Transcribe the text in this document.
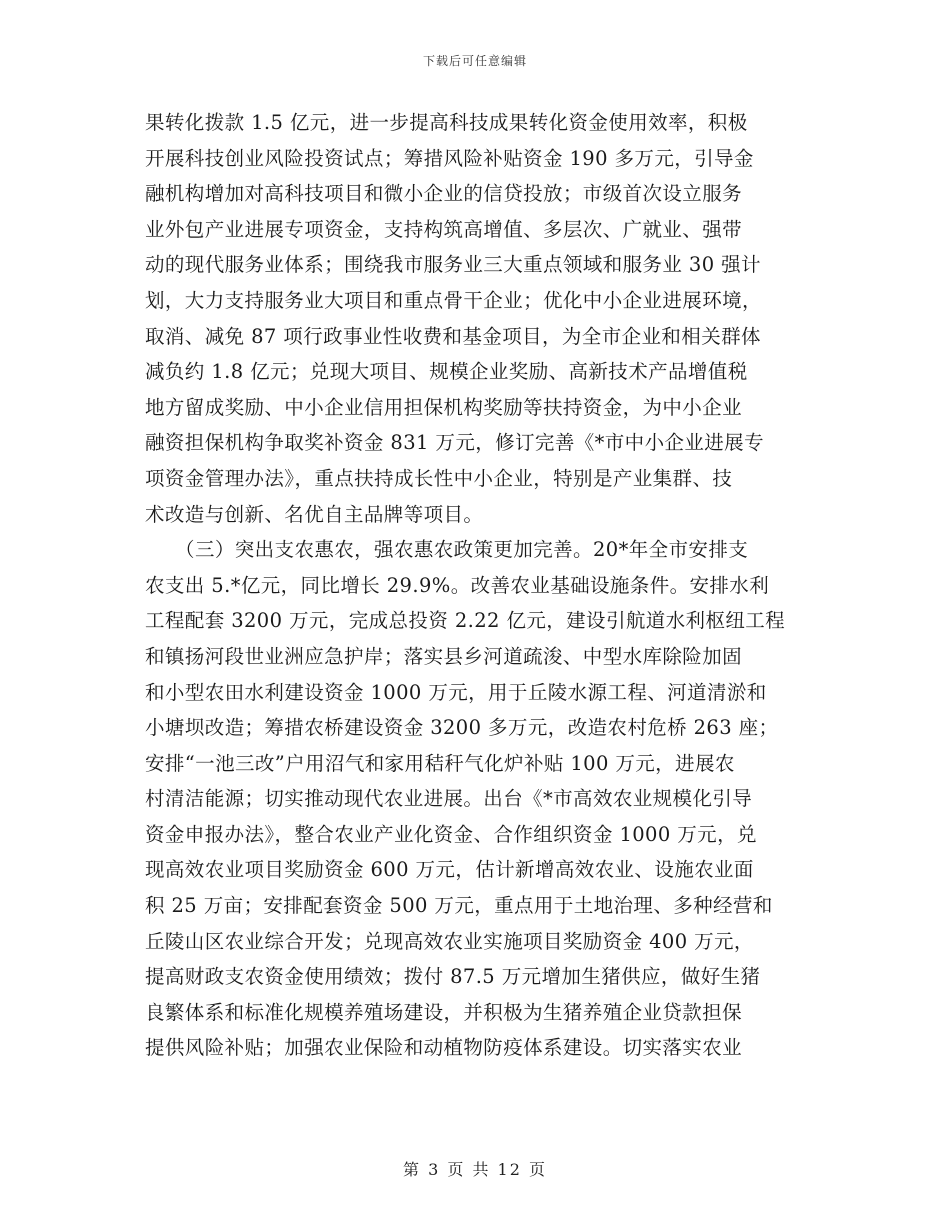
下载后可任意编辑
果转化拨款 1.5 亿元，进一步提高科技成果转化资金使用效率，积极
开展科技创业风险投资试点；筹措风险补贴资金 190 多万元，引导金
融机构增加对高科技项目和微小企业的信贷投放；市级首次设立服务
业外包产业进展专项资金，支持构筑高增值、多层次、广就业、强带
动的现代服务业体系；围绕我市服务业三大重点领域和服务业 30 强计
划，大力支持服务业大项目和重点骨干企业；优化中小企业进展环境，
取消、减免 87 项行政事业性收费和基金项目，为全市企业和相关群体
减负约 1.8 亿元；兑现大项目、规模企业奖励、高新技术产品增值税
地方留成奖励、中小企业信用担保机构奖励等扶持资金，为中小企业
融资担保机构争取奖补资金 831 万元，修订完善《*市中小企业进展专
项资金管理办法》，重点扶持成长性中小企业，特别是产业集群、技
术改造与创新、名优自主品牌等项目。
　　（三）突出支农惠农，强农惠农政策更加完善。20*年全市安排支
农支出 5.*亿元，同比增长 29.9%。改善农业基础设施条件。安排水利
工程配套 3200 万元，完成总投资 2.22 亿元，建设引航道水利枢纽工程
和镇扬河段世业洲应急护岸；落实县乡河道疏浚、中型水库除险加固
和小型农田水利建设资金 1000 万元，用于丘陵水源工程、河道清淤和
小塘坝改造；筹措农桥建设资金 3200 多万元，改造农村危桥 263 座；
安排“一池三改”户用沼气和家用秸秆气化炉补贴 100 万元，进展农
村清洁能源；切实推动现代农业进展。出台《*市高效农业规模化引导
资金申报办法》，整合农业产业化资金、合作组织资金 1000 万元，兑
现高效农业项目奖励资金 600 万元，估计新增高效农业、设施农业面
积 25 万亩；安排配套资金 500 万元，重点用于土地治理、多种经营和
丘陵山区农业综合开发；兑现高效农业实施项目奖励资金 400 万元，
提高财政支农资金使用绩效；拨付 87.5 万元增加生猪供应，做好生猪
良繁体系和标准化规模养殖场建设，并积极为生猪养殖企业贷款担保
提供风险补贴；加强农业保险和动植物防疫体系建设。切实落实农业
第 3 页 共 12 页
